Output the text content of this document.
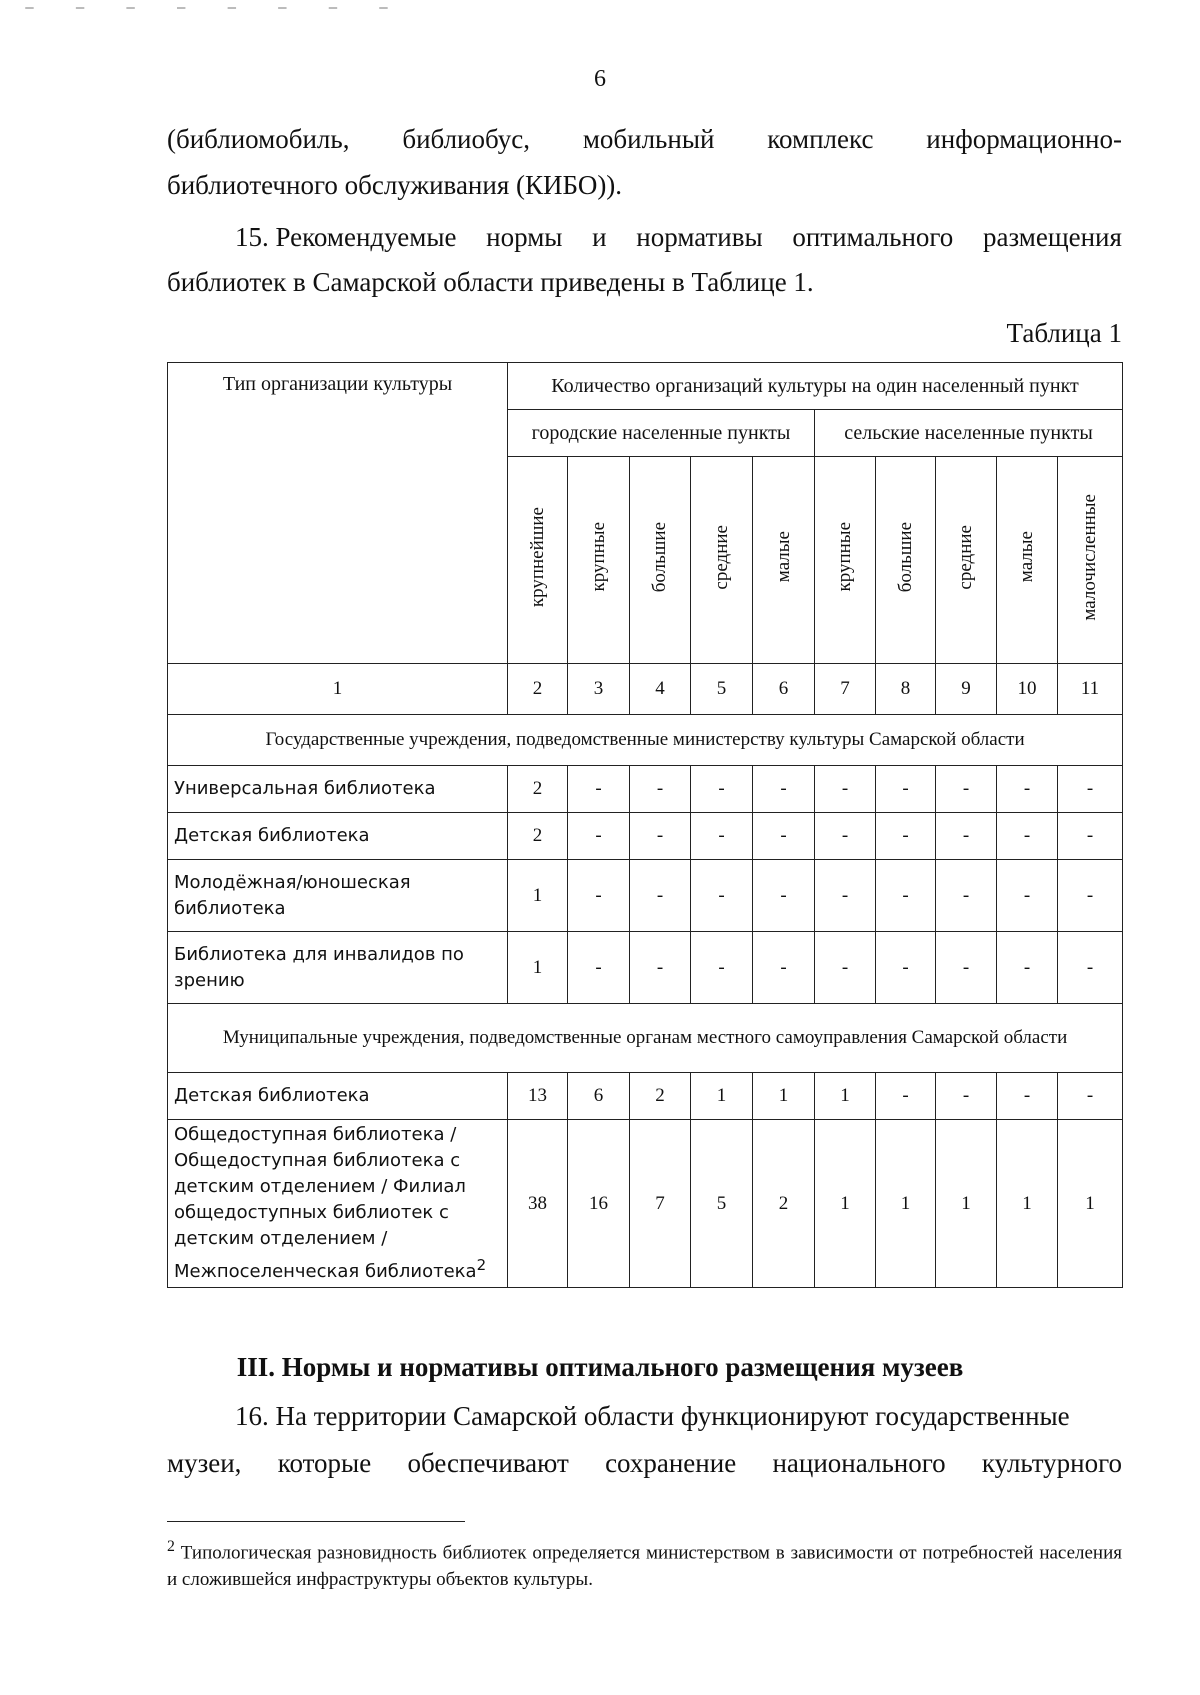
–     –     –     –     –     –     –     –
6
(библиомобиль, библиобус, мобильный комплекс информационно-
библиотечного обслуживания (КИБО)).
15. Рекомендуемые нормы и нормативы оптимального размещения
библиотек в Самарской области приведены в Таблице 1.
Таблица 1
Тип организации культуры	Количество организаций культуры на один населенный пункт									
	городские населенные пункты					сельские населенные пункты				
	крупнейшие	крупные	большие	средние	малые	крупные	большие	средние	малые	малочисленные
1	2	3	4	5	6	7	8	9	10	11
Государственные учреждения, подведомственные министерству культуры Самарской области										
Универсальная библиотека	2	-	-	-	-	-	-	-	-	-
Детская библиотека	2	-	-	-	-	-	-	-	-	-
Молодёжная/юношеская библиотека	1	-	-	-	-	-	-	-	-	-
Библиотека для инвалидов по зрению	1	-	-	-	-	-	-	-	-	-
Муниципальные учреждения, подведомственные органам местного самоуправления Самарской области										
Детская библиотека	13	6	2	1	1	1	-	-	-	-
Общедоступная библиотека / Общедоступная библиотека с детским отделением / Филиал общедоступных библиотек с детским отделением / Межпоселенческая библиотека$^2$	38	16	7	5	2	1	1	1	1	1
III. Нормы и нормативы оптимального размещения музеев
16. На территории Самарской области функционируют государственные
музеи, которые обеспечивают сохранение национального культурного
$^2$ Типологическая разновидность библиотек определяется министерством в зависимости от потребностей населения и сложившейся инфраструктуры объектов культуры.
